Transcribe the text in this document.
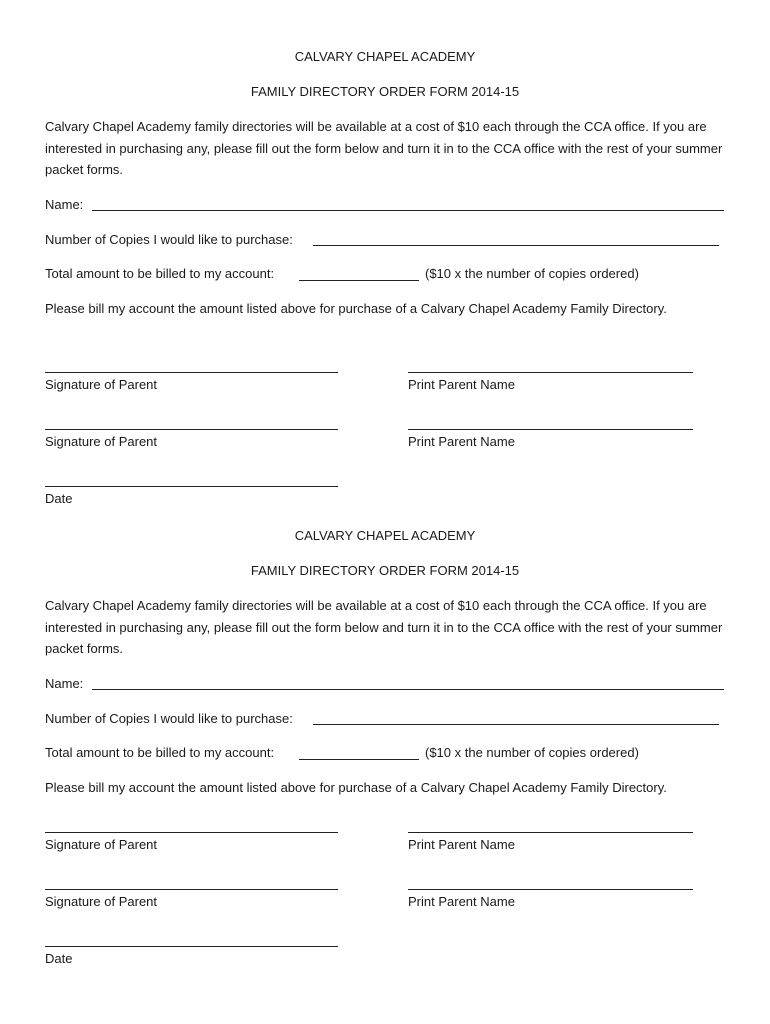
CALVARY CHAPEL ACADEMY
FAMILY DIRECTORY ORDER FORM 2014-15
Calvary Chapel Academy family directories will be available at a cost of $10 each through the CCA office. If you are interested in purchasing any, please fill out the form below and turn it in to the CCA office with the rest of your summer packet forms.
Name:
Number of Copies I would like to purchase:
Total amount to be billed to my account:	($10 x the number of copies ordered)
Please bill my account the amount listed above for purchase of a Calvary Chapel Academy Family Directory.
Signature of Parent	Print Parent Name
Signature of Parent	Print Parent Name
Date
CALVARY CHAPEL ACADEMY
FAMILY DIRECTORY ORDER FORM 2014-15
Calvary Chapel Academy family directories will be available at a cost of $10 each through the CCA office. If you are interested in purchasing any, please fill out the form below and turn it in to the CCA office with the rest of your summer packet forms.
Name:
Number of Copies I would like to purchase:
Total amount to be billed to my account:	($10 x the number of copies ordered)
Please bill my account the amount listed above for purchase of a Calvary Chapel Academy Family Directory.
Signature of Parent	Print Parent Name
Signature of Parent	Print Parent Name
Date
